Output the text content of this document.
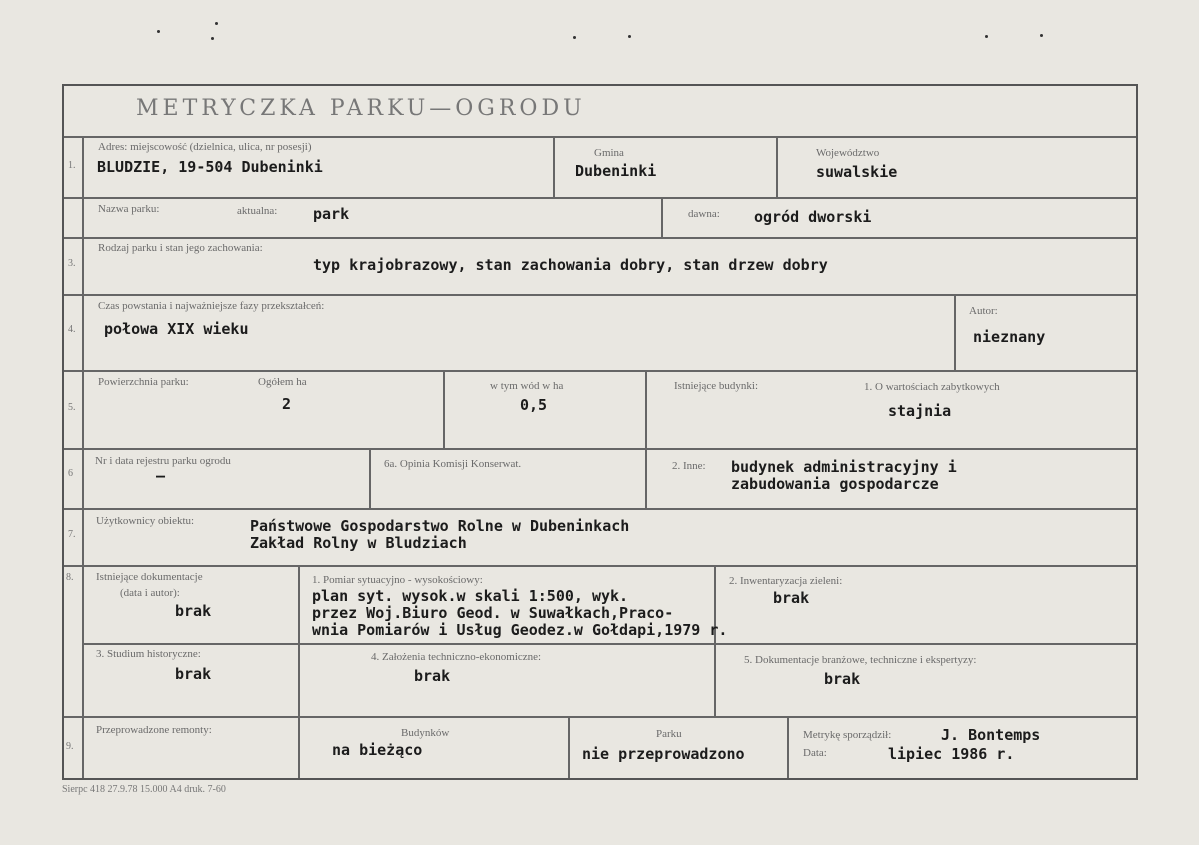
METRYCZKA PARKU—OGRODU
1.
3.
4.
5.
6
7.
8.
9.
Adres: miejscowość (dzielnica, ulica, nr posesji)
BLUDZIE, 19-504 Dubeninki
Gmina
Dubeninki
Województwo
suwalskie
Nazwa parku:	aktualna: park	dawna: ogród dworski
Rodzaj parku i stan jego zachowania:
typ krajobrazowy, stan zachowania dobry, stan drzew dobry
Czas powstania i najważniejsze fazy przekształceń:
połowa XIX wieku
Autor:
nieznany
Powierzchnia parku:	Ogółem ha
2
w tym wód w ha
0,5
Istniejące budynki:	1. O wartościach zabytkowych
stajnia
Nr i data rejestru parku ogrodu
—
6a. Opinia Komisji Konserwat.	2. Inne: budynek administracyjny i
zabudowania gospodarcze
Użytkownicy obiektu:	Państwowe Gospodarstwo Rolne w Dubeninkach
Zakład Rolny w Bludziach
Istniejące dokumentacje
(data i autor):
brak
1. Pomiar sytuacyjno - wysokościowy:
plan syt. wysok.w skali 1:500, wyk.
przez Woj.Biuro Geod. w Suwałkach,Praco-
wnia Pomiarów i Usług Geodez.w Gołdapi,1979 r.
2. Inwentaryzacja zieleni:
brak
3. Studium historyczne:
brak
4. Założenia techniczno-ekonomiczne:
brak
5. Dokumentacje branżowe, techniczne i ekspertyzy:
brak
Przeprowadzone remonty:	Budynków
na bieżąco
Parku
nie przeprowadzono
Metrykę sporządził:	J. Bontemps
Data:	lipiec 1986 r.
Sierpc 418 27.9.78 15.000 A4 druk. 7-60
